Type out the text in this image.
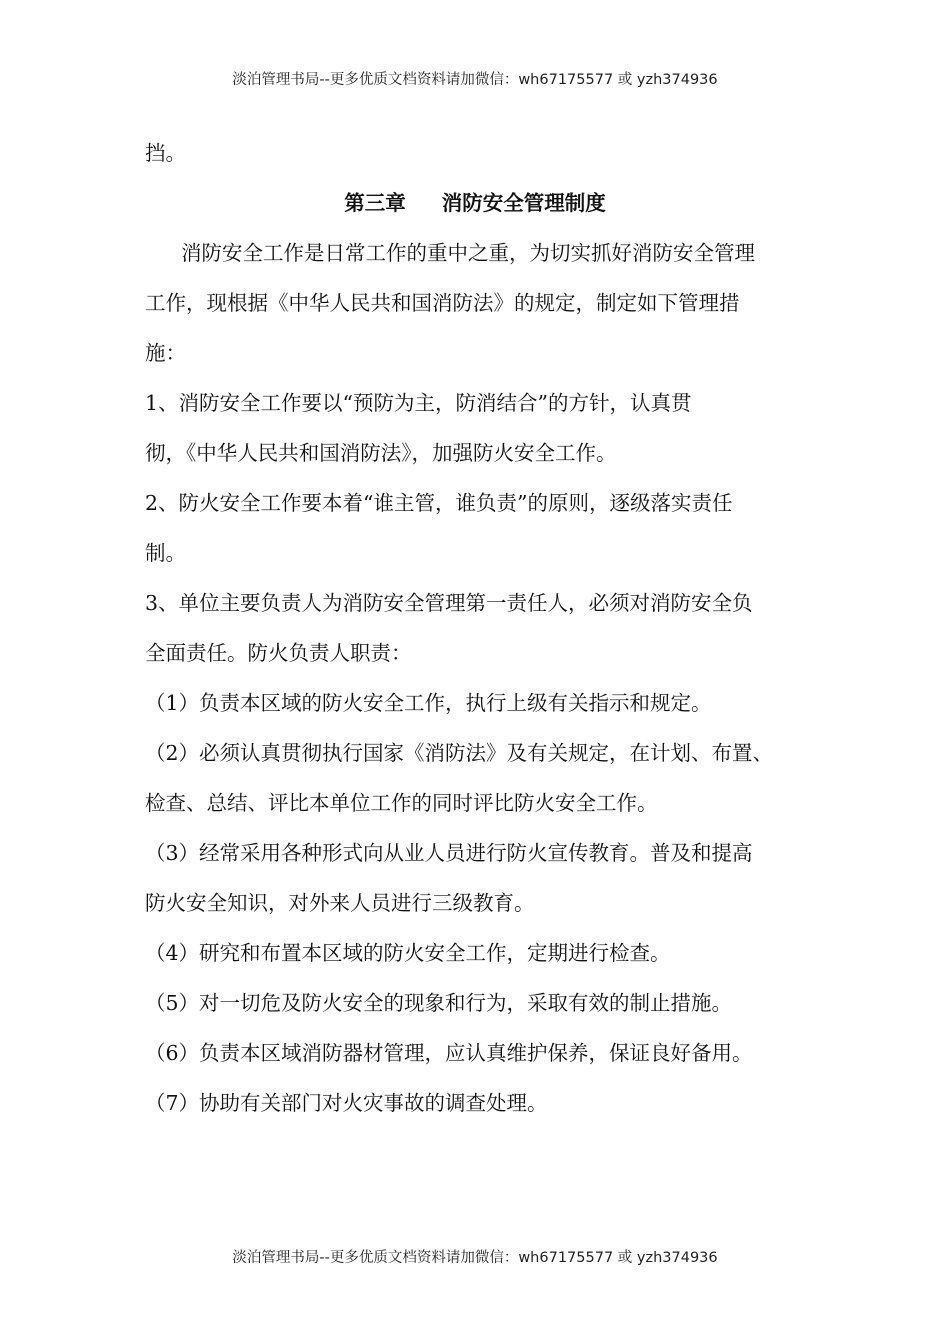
淡泊管理书局--更多优质文档资料请加微信：wh67175577 或 yzh374936
挡。
第三章 消防安全管理制度
消防安全工作是日常工作的重中之重，为切实抓好消防安全管理
工作，现根据《中华人民共和国消防法》的规定，制定如下管理措
施：
1、消防安全工作要以“预防为主，防消结合”的方针，认真贯
彻，《中华人民共和国消防法》，加强防火安全工作。
2、防火安全工作要本着“谁主管，谁负责”的原则，逐级落实责任
制。
3、单位主要负责人为消防安全管理第一责任人，必须对消防安全负
全面责任。防火负责人职责：
（1）负责本区域的防火安全工作，执行上级有关指示和规定。
（2）必须认真贯彻执行国家《消防法》及有关规定，在计划、布置、
检查、总结、评比本单位工作的同时评比防火安全工作。
（3）经常采用各种形式向从业人员进行防火宣传教育。普及和提高
防火安全知识，对外来人员进行三级教育。
（4）研究和布置本区域的防火安全工作，定期进行检查。
（5）对一切危及防火安全的现象和行为，采取有效的制止措施。
（6）负责本区域消防器材管理，应认真维护保养，保证良好备用。
（7）协助有关部门对火灾事故的调查处理。
淡泊管理书局--更多优质文档资料请加微信：wh67175577 或 yzh374936
